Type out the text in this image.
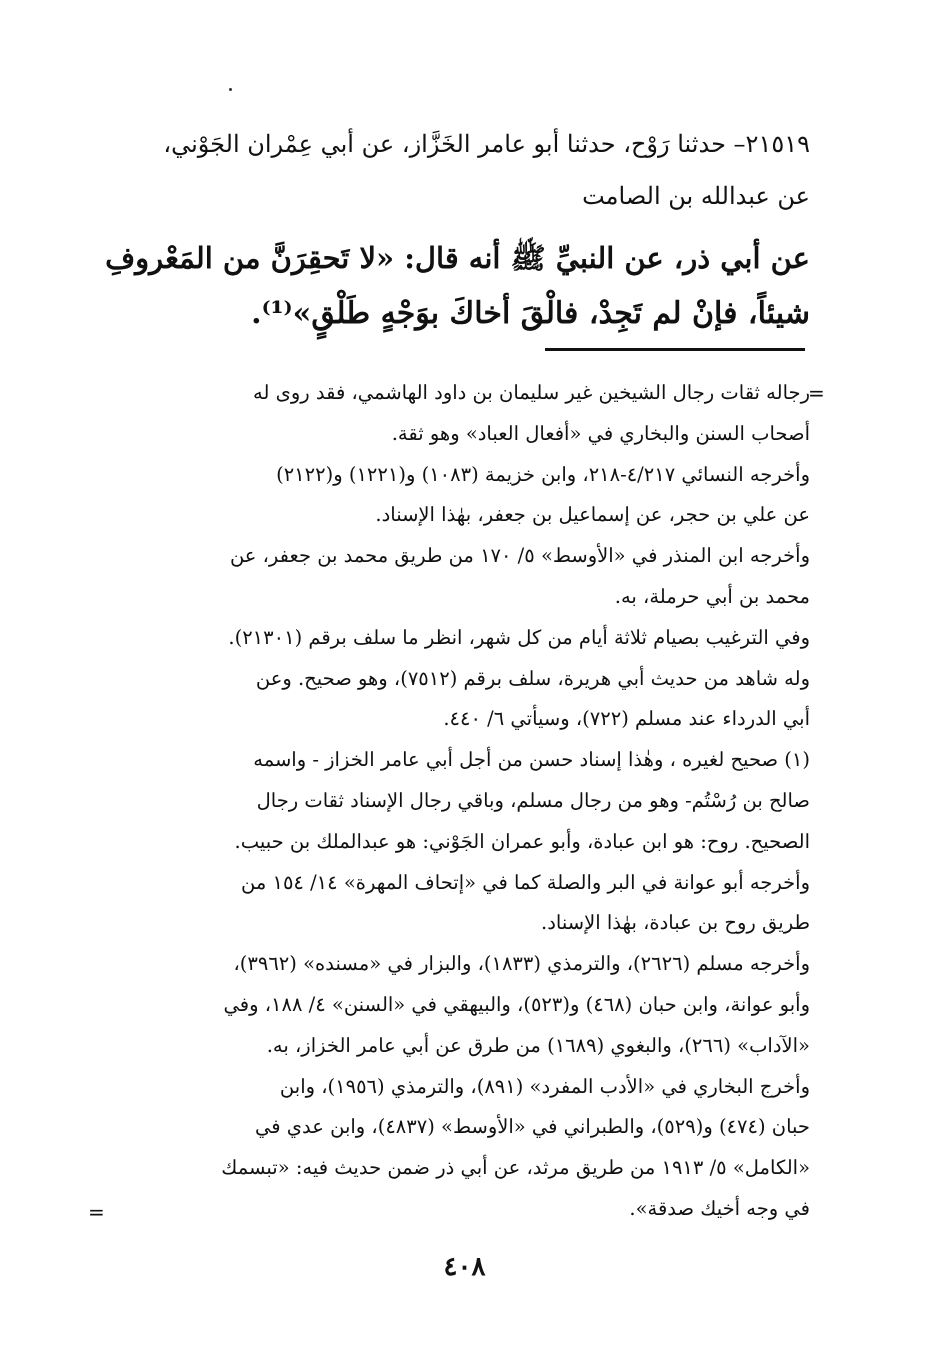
٢١٥١٩– حدثنا رَوْح، حدثنا أبو عامر الخَزَّاز، عن أبي عِمْران الجَوْني،
عن عبدالله بن الصامت
عن أبي ذر، عن النبيِّ ﷺ أنه قال: «لا تَحقِرَنَّ من المَعْروفِ
شيئاً، فإنْ لم تَجِدْ، فالْقَ أخاكَ بوَجْهٍ طَلْقٍ»⁽¹⁾.
=
رجاله ثقات رجال الشيخين غير سليمان بن داود الهاشمي، فقد روى له
أصحاب السنن والبخاري في «أفعال العباد» وهو ثقة.
وأخرجه النسائي ٤/٢١٧-٢١٨، وابن خزيمة (١٠٨٣) و(١٢٢١) و(٢١٢٢)
عن علي بن حجر، عن إسماعيل بن جعفر، بهٰذا الإسناد.
وأخرجه ابن المنذر في «الأوسط» ٥/ ١٧٠ من طريق محمد بن جعفر، عن
محمد بن أبي حرملة، به.
وفي الترغيب بصيام ثلاثة أيام من كل شهر، انظر ما سلف برقم (٢١٣٠١).
وله شاهد من حديث أبي هريرة، سلف برقم (٧٥١٢)، وهو صحيح. وعن
أبي الدرداء عند مسلم (٧٢٢)، وسيأتي ٦/ ٤٤٠.
(١) صحيح لغيره ، وهٰذا إسناد حسن من أجل أبي عامر الخزاز - واسمه
صالح بن رُسْتُم- وهو من رجال مسلم، وباقي رجال الإسناد ثقات رجال
الصحيح. روح: هو ابن عبادة، وأبو عمران الجَوْني: هو عبدالملك بن حبيب.
وأخرجه أبو عوانة في البر والصلة كما في «إتحاف المهرة» ١٤/ ١٥٤ من
طريق روح بن عبادة، بهٰذا الإسناد.
وأخرجه مسلم (٢٦٢٦)، والترمذي (١٨٣٣)، والبزار في «مسنده» (٣٩٦٢)،
وأبو عوانة، وابن حبان (٤٦٨) و(٥٢٣)، والبيهقي في «السنن» ٤/ ١٨٨، وفي
«الآداب» (٢٦٦)، والبغوي (١٦٨٩) من طرق عن أبي عامر الخزاز، به.
وأخرج البخاري في «الأدب المفرد» (٨٩١)، والترمذي (١٩٥٦)، وابن
حبان (٤٧٤) و(٥٢٩)، والطبراني في «الأوسط» (٤٨٣٧)، وابن عدي في
«الكامل» ٥/ ١٩١٣ من طريق مرثد، عن أبي ذر ضمن حديث فيه: «تبسمك
في وجه أخيك صدقة».
=
٤٠٨
